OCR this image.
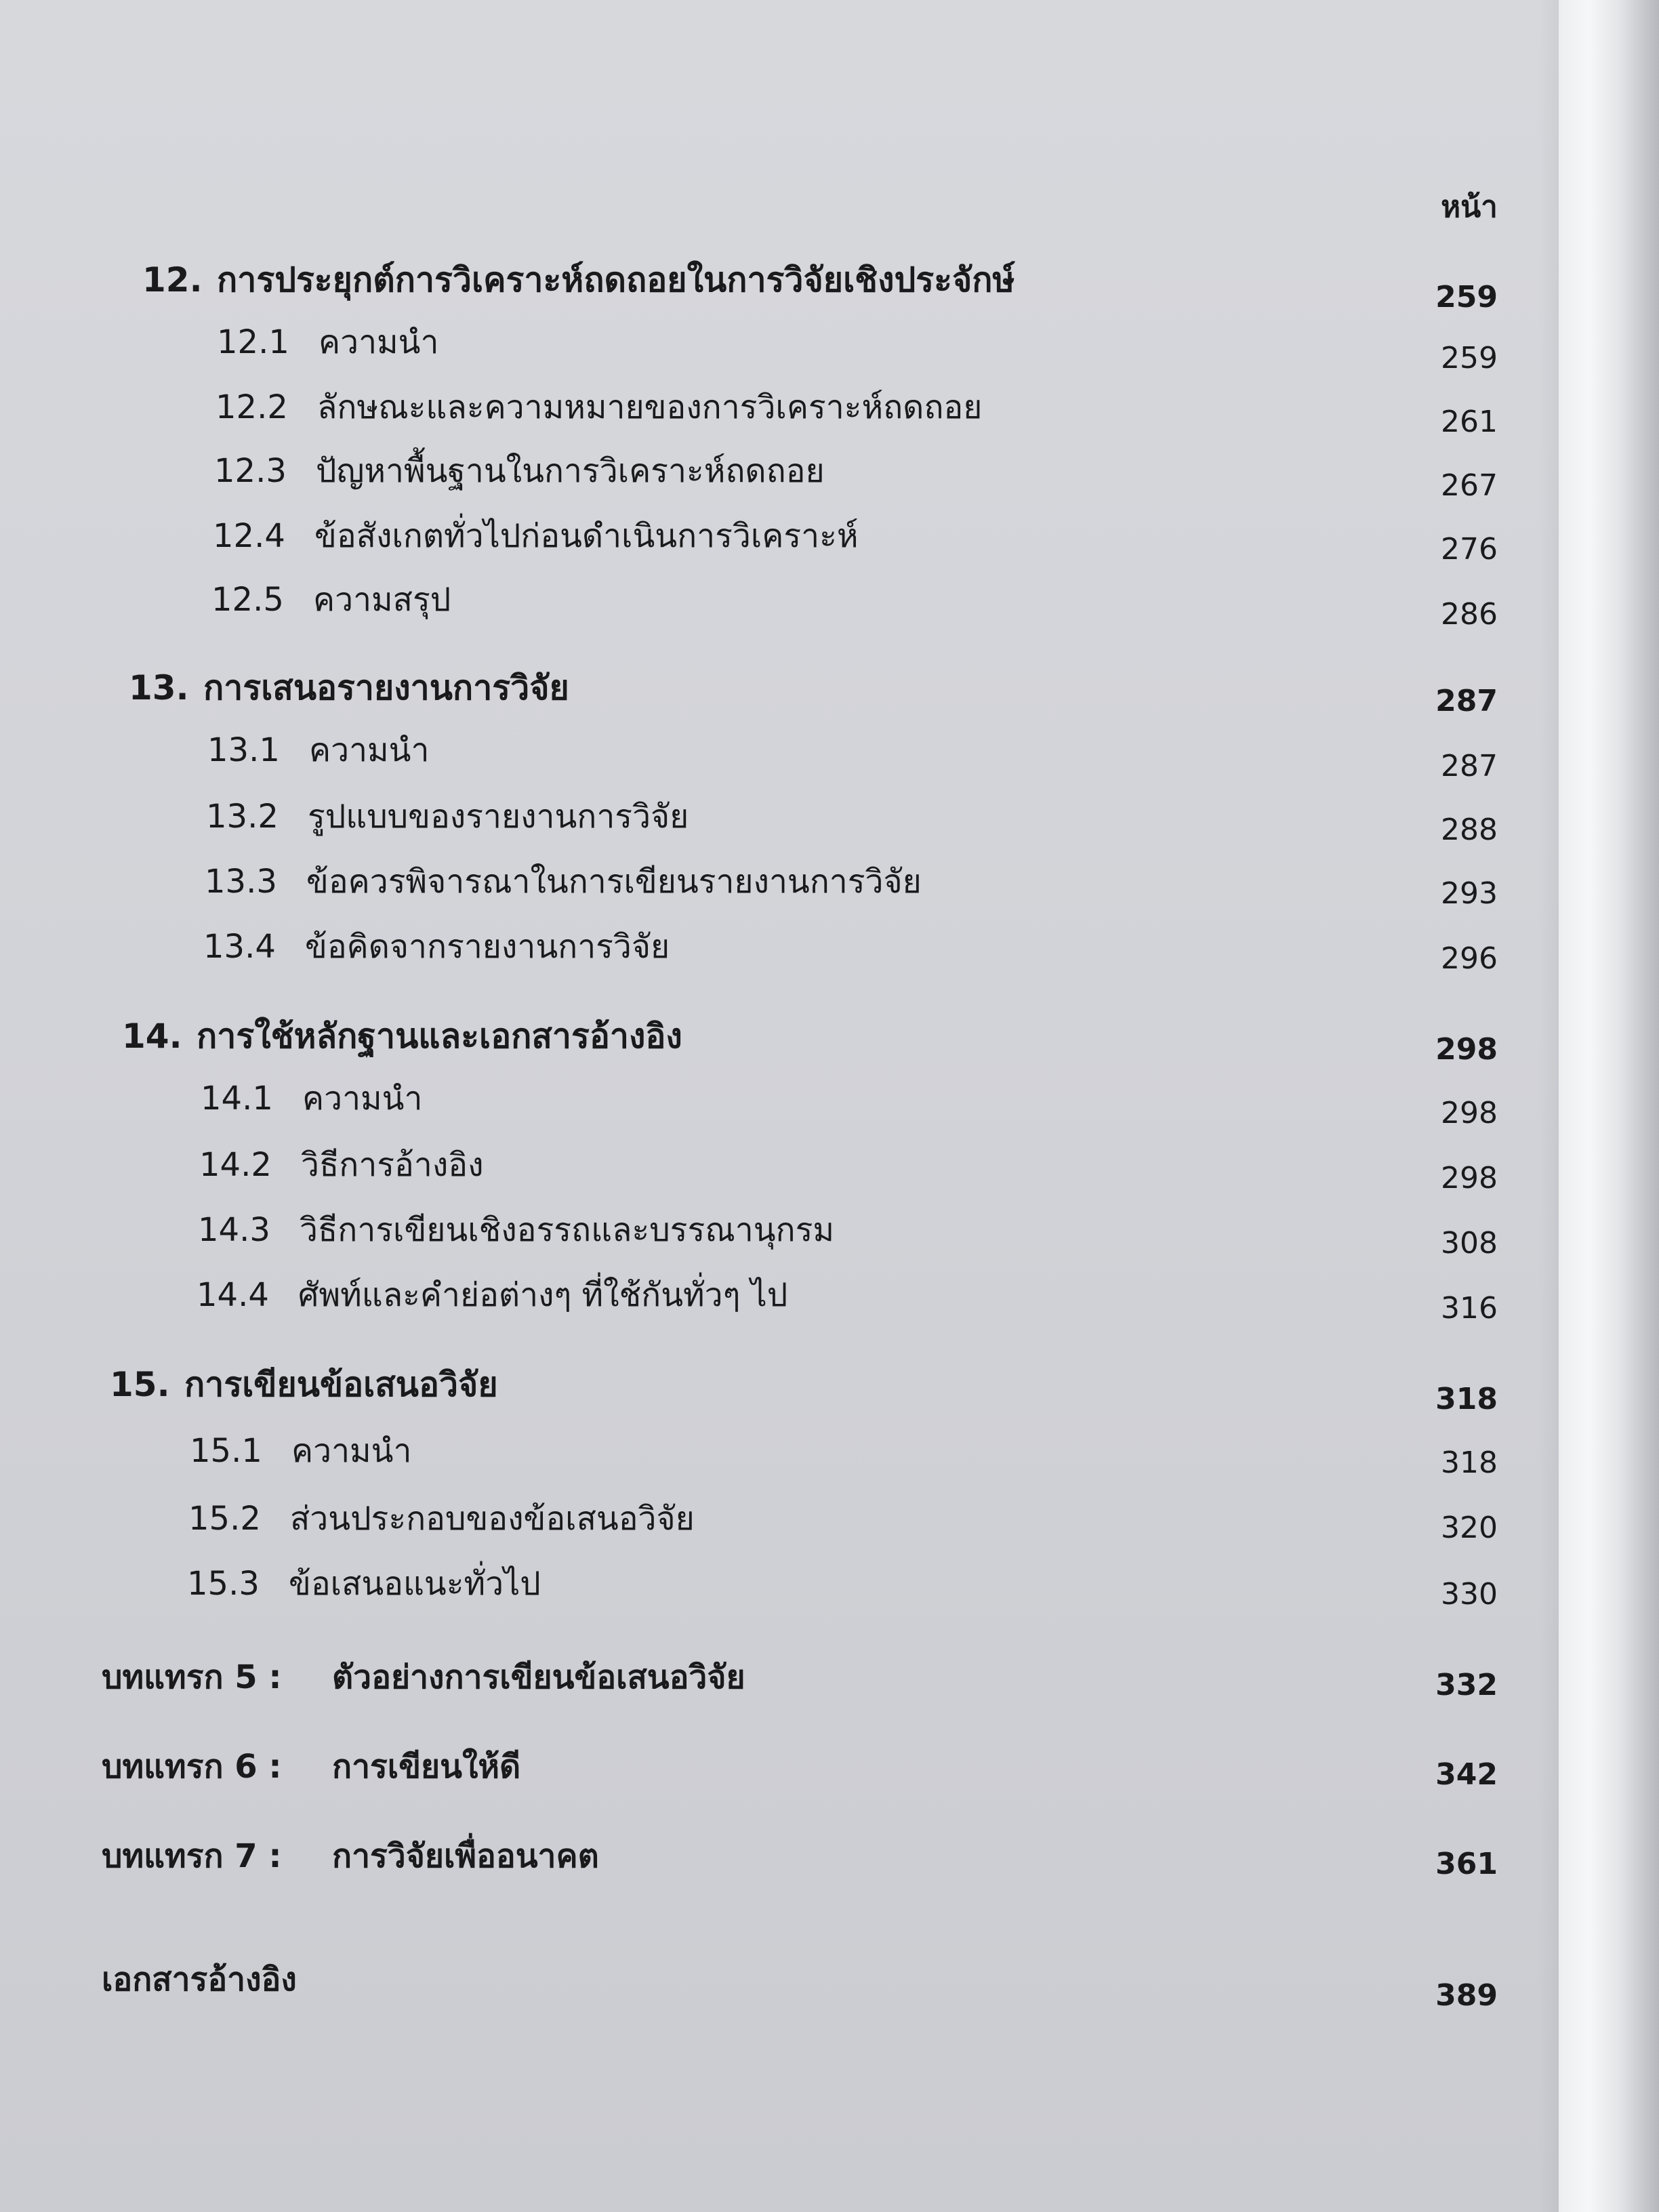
หน้า
12. การประยุกต์การวิเคราะห์ถดถอยในการวิจัยเชิงประจักษ์	259
12.1 ความนำ	259
12.2 ลักษณะและความหมายของการวิเคราะห์ถดถอย	261
12.3 ปัญหาพื้นฐานในการวิเคราะห์ถดถอย	267
12.4 ข้อสังเกตทั่วไปก่อนดำเนินการวิเคราะห์	276
12.5 ความสรุป	286
13. การเสนอรายงานการวิจัย	287
13.1 ความนำ	287
13.2 รูปแบบของรายงานการวิจัย	288
13.3 ข้อควรพิจารณาในการเขียนรายงานการวิจัย	293
13.4 ข้อคิดจากรายงานการวิจัย	296
14. การใช้หลักฐานและเอกสารอ้างอิง	298
14.1 ความนำ	298
14.2 วิธีการอ้างอิง	298
14.3 วิธีการเขียนเชิงอรรถและบรรณานุกรม	308
14.4 ศัพท์และคำย่อต่างๆ ที่ใช้กันทั่วๆ ไป	316
15. การเขียนข้อเสนอวิจัย	318
15.1 ความนำ	318
15.2 ส่วนประกอบของข้อเสนอวิจัย	320
15.3 ข้อเสนอแนะทั่วไป	330
บทแทรก 5 : ตัวอย่างการเขียนข้อเสนอวิจัย	332
บทแทรก 6 : การเขียนให้ดี	342
บทแทรก 7 : การวิจัยเพื่ออนาคต	361
เอกสารอ้างอิง	389
